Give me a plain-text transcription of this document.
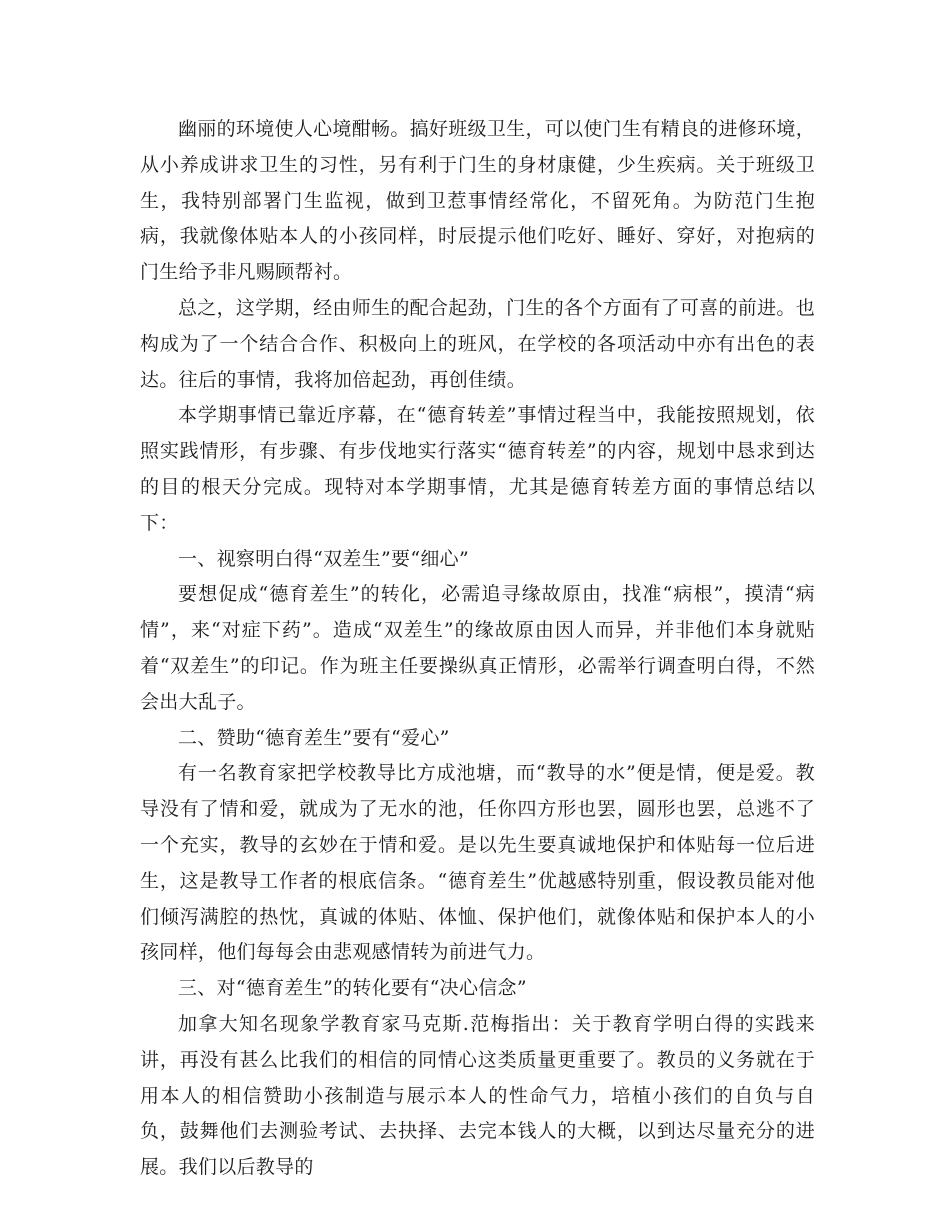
幽丽的环境使人心境酣畅。搞好班级卫生，可以使门生有精良的进修环境，从小养成讲求卫生的习性，另有利于门生的身材康健，少生疾病。关于班级卫生，我特别部署门生监视，做到卫惹事情经常化，不留死角。为防范门生抱病，我就像体贴本人的小孩同样，时辰提示他们吃好、睡好、穿好，对抱病的门生给予非凡赐顾帮衬。

总之，这学期，经由师生的配合起劲，门生的各个方面有了可喜的前进。也构成为了一个结合合作、积极向上的班风，在学校的各项活动中亦有出色的表达。往后的事情，我将加倍起劲，再创佳绩。

本学期事情已靠近序幕，在“德育转差”事情过程当中，我能按照规划，依照实践情形，有步骤、有步伐地实行落实“德育转差”的内容，规划中恳求到达的目的根天分完成。现特对本学期事情，尤其是德育转差方面的事情总结以下：

一、视察明白得“双差生”要“细心”

要想促成“德育差生”的转化，必需追寻缘故原由，找准“病根”，摸清“病情”，来“对症下药”。造成“双差生”的缘故原由因人而异，并非他们本身就贴着“双差生”的印记。作为班主任要操纵真正情形，必需举行调查明白得，不然会出大乱子。

二、赞助“德育差生”要有“爱心”

有一名教育家把学校教导比方成池塘，而“教导的水”便是情，便是爱。教导没有了情和爱，就成为了无水的池，任你四方形也罢，圆形也罢，总逃不了一个充实，教导的玄妙在于情和爱。是以先生要真诚地保护和体贴每一位后进生，这是教导工作者的根底信条。“德育差生”优越感特别重，假设教员能对他们倾泻满腔的热忱，真诚的体贴、体恤、保护他们，就像体贴和保护本人的小孩同样，他们每每会由悲观感情转为前进气力。

三、对“德育差生”的转化要有“决心信念”

加拿大知名现象学教育家马克斯.范梅指出：关于教育学明白得的实践来讲，再没有甚么比我们的相信的同情心这类质量更重要了。教员的义务就在于用本人的相信赞助小孩制造与展示本人的性命气力，培植小孩们的自负与自负，鼓舞他们去测验考试、去抉择、去完本钱人的大概，以到达尽量充分的进展。我们以后教导的
